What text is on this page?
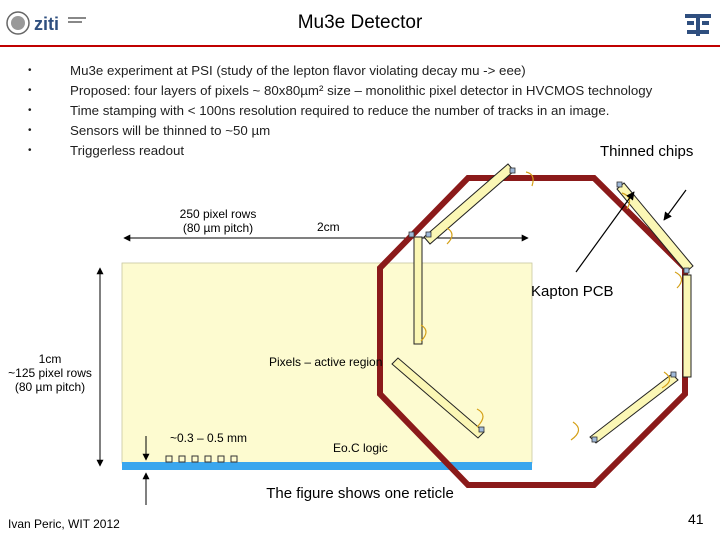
ziti	Mu3e Detector
•	Mu3e experiment at PSI (study of the lepton flavor violating decay mu -> eee)
•	Proposed: four layers of pixels ~ 80x80µm² size – monolithic pixel detector in HVCMOS technology
•	Time stamping with < 100ns resolution required to reduce the number of tracks in an image.
•	Sensors will be thinned to ~50 µm
•	Triggerless readout
250 pixel rows
(80 µm pitch)	2cm
1cm
~125 pixel rows
(80 µm pitch)
Pixels – active region
~0.3 – 0.5 mm
Eo.C logic
Thinned chips
Kapton PCB
The figure shows one reticle
Ivan Peric, WIT 2012	41
